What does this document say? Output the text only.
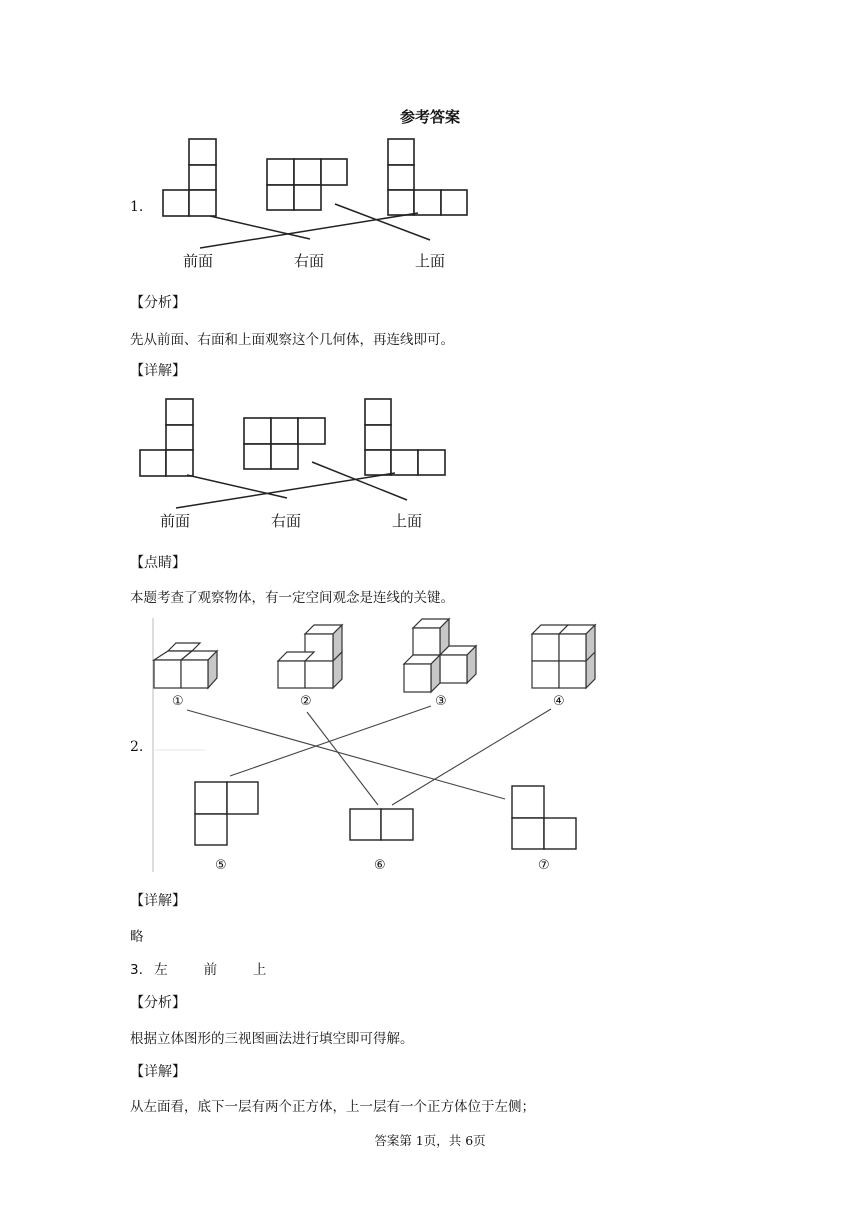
参考答案
1.
前面	右面	上面
【分析】
先从前面、右面和上面观察这个几何体，再连线即可。
【详解】
前面	右面	上面
【点睛】
本题考查了观察物体，有一定空间观念是连线的关键。
2.
①	②	③	④
⑤	⑥	⑦
【详解】
略
3. 左	前	上
【分析】
根据立体图形的三视图画法进行填空即可得解。
【详解】
从左面看，底下一层有两个正方体，上一层有一个正方体位于左侧；
答案第 1页，共 6页
